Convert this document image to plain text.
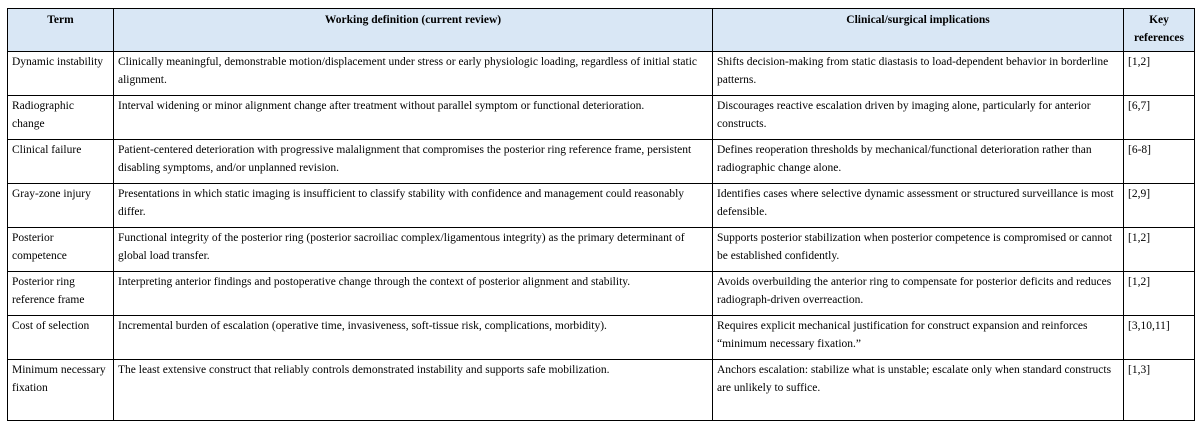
Term	Working definition (current review)	Clinical/surgical implications	Key references
Dynamic instability	Clinically meaningful, demonstrable motion/displacement under stress or early physiologic loading, regardless of initial static alignment.	Shifts decision-making from static diastasis to load-dependent behavior in borderline patterns.	[1,2]
Radiographic change	Interval widening or minor alignment change after treatment without parallel symptom or functional deterioration.	Discourages reactive escalation driven by imaging alone, particularly for anterior constructs.	[6,7]
Clinical failure	Patient-centered deterioration with progressive malalignment that compromises the posterior ring reference frame, persistent disabling symptoms, and/or unplanned revision.	Defines reoperation thresholds by mechanical/functional deterioration rather than radiographic change alone.	[6-8]
Gray-zone injury	Presentations in which static imaging is insufficient to classify stability with confidence and management could reasonably differ.	Identifies cases where selective dynamic assessment or structured surveillance is most defensible.	[2,9]
Posterior competence	Functional integrity of the posterior ring (posterior sacroiliac complex/ligamentous integrity) as the primary determinant of global load transfer.	Supports posterior stabilization when posterior competence is compromised or cannot be established confidently.	[1,2]
Posterior ring reference frame	Interpreting anterior findings and postoperative change through the context of posterior alignment and stability.	Avoids overbuilding the anterior ring to compensate for posterior deficits and reduces radiograph-driven overreaction.	[1,2]
Cost of selection	Incremental burden of escalation (operative time, invasiveness, soft-tissue risk, complications, morbidity).	Requires explicit mechanical justification for construct expansion and reinforces “minimum necessary fixation.”	[3,10,11]
Minimum necessary fixation	The least extensive construct that reliably controls demonstrated instability and supports safe mobilization.	Anchors escalation: stabilize what is unstable; escalate only when standard constructs are unlikely to suffice.	[1,3]
